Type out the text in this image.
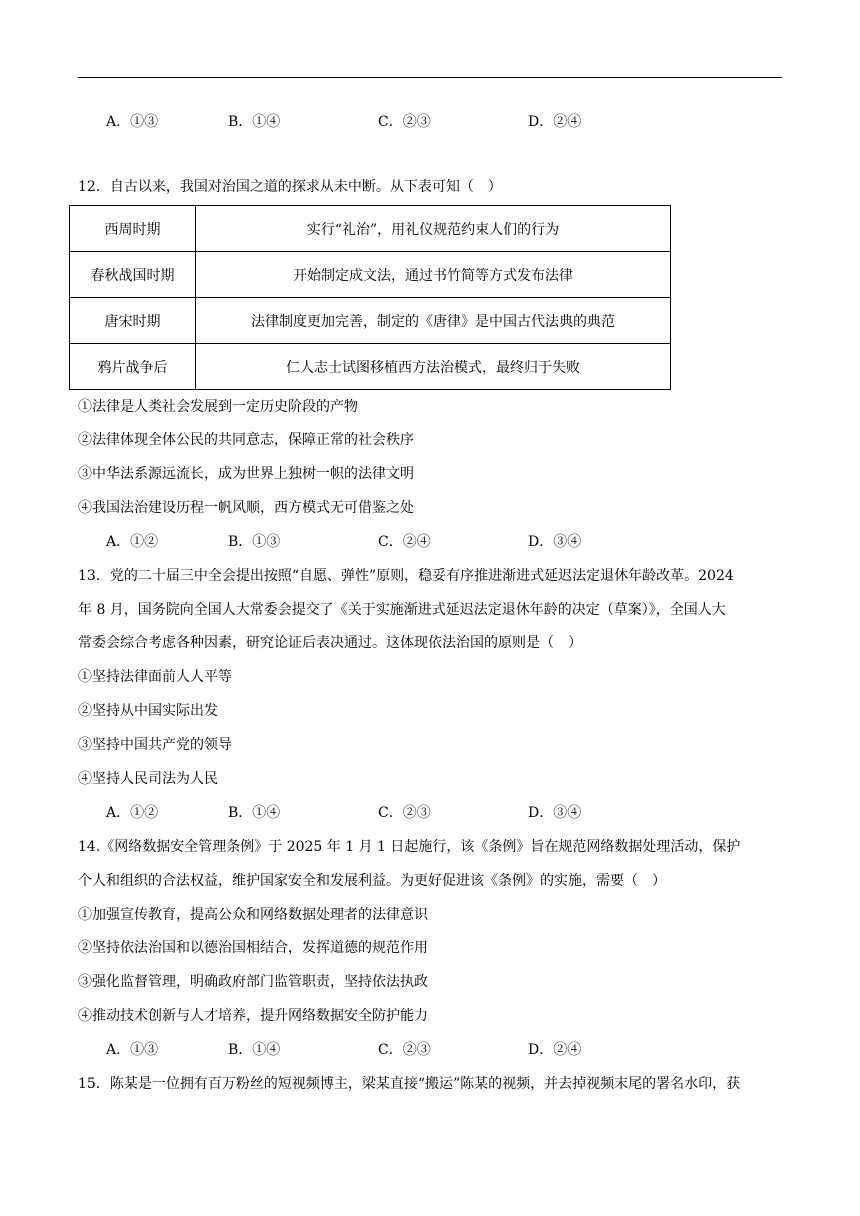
A．①③	B．①④	C．②③	D．②④
12．自古以来，我国对治国之道的探求从未中断。从下表可知（　）
西周时期	实行“礼治”，用礼仪规范约束人们的行为
春秋战国时期	开始制定成文法，通过书竹简等方式发布法律
唐宋时期	法律制度更加完善，制定的《唐律》是中国古代法典的典范
鸦片战争后	仁人志士试图移植西方法治模式，最终归于失败
①法律是人类社会发展到一定历史阶段的产物
②法律体现全体公民的共同意志，保障正常的社会秩序
③中华法系源远流长，成为世界上独树一帜的法律文明
④我国法治建设历程一帆风顺，西方模式无可借鉴之处
A．①②	B．①③	C．②④	D．③④
13．党的二十届三中全会提出按照“自愿、弹性”原则，稳妥有序推进渐进式延迟法定退休年龄改革。2024
年 8 月，国务院向全国人大常委会提交了《关于实施渐进式延迟法定退休年龄的决定（草案）》，全国人大
常委会综合考虑各种因素，研究论证后表决通过。这体现依法治国的原则是（　）
①坚持法律面前人人平等
②坚持从中国实际出发
③坚持中国共产党的领导
④坚持人民司法为人民
A．①②	B．①④	C．②③	D．③④
14.《网络数据安全管理条例》于 2025 年 1 月 1 日起施行，该《条例》旨在规范网络数据处理活动，保护
个人和组织的合法权益，维护国家安全和发展利益。为更好促进该《条例》的实施，需要（　）
①加强宣传教育，提高公众和网络数据处理者的法律意识
②坚持依法治国和以德治国相结合，发挥道德的规范作用
③强化监督管理，明确政府部门监管职责，坚持依法执政
④推动技术创新与人才培养，提升网络数据安全防护能力
A．①③	B．①④	C．②③	D．②④
15．陈某是一位拥有百万粉丝的短视频博主，梁某直接“搬运”陈某的视频，并去掉视频末尾的署名水印，获
